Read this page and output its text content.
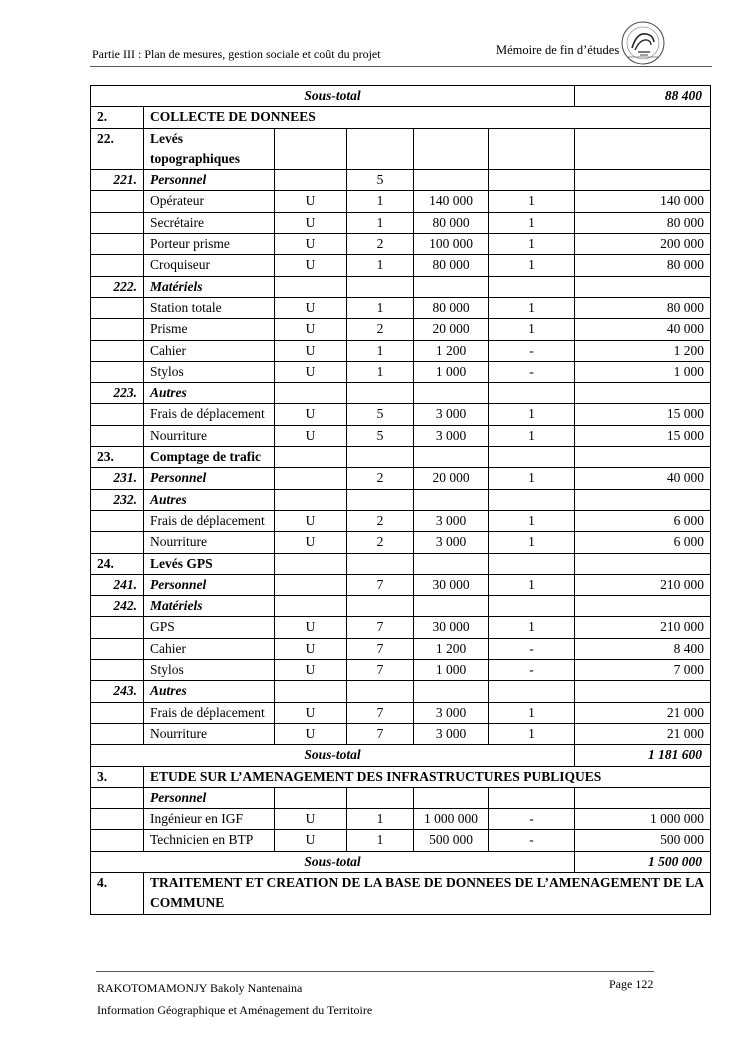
Partie III : Plan de mesures, gestion sociale et coût du projet	Mémoire de fin d’études
Sous-total						88 400
2.	COLLECTE DE DONNEES					
22.	Levés topographiques					
221.	Personnel		5			
	Opérateur	U	1	140 000	1	140 000
	Secrétaire	U	1	80 000	1	80 000
	Porteur prisme	U	2	100 000	1	200 000
	Croquiseur	U	1	80 000	1	80 000
222.	Matériels					
	Station totale	U	1	80 000	1	80 000
	Prisme	U	2	20 000	1	40 000
	Cahier	U	1	1 200	-	1 200
	Stylos	U	1	1 000	-	1 000
223.	Autres					
	Frais de déplacement	U	5	3 000	1	15 000
	Nourriture	U	5	3 000	1	15 000
23.	Comptage de trafic					
231.	Personnel		2	20 000	1	40 000
232.	Autres					
	Frais de déplacement	U	2	3 000	1	6 000
	Nourriture	U	2	3 000	1	6 000
24.	Levés GPS					
241.	Personnel		7	30 000	1	210 000
242.	Matériels					
	GPS	U	7	30 000	1	210 000
	Cahier	U	7	1 200	-	8 400
	Stylos	U	7	1 000	-	7 000
243.	Autres					
	Frais de déplacement	U	7	3 000	1	21 000
	Nourriture	U	7	3 000	1	21 000
Sous-total						1 181 600
3.	ETUDE SUR L’AMENAGEMENT DES INFRASTRUCTURES PUBLIQUES					
	Personnel					
	Ingénieur en IGF	U	1	1 000 000	-	1 000 000
	Technicien en BTP	U	1	500 000	-	500 000
Sous-total						1 500 000
4.	TRAITEMENT ET CREATION DE LA BASE DE DONNEES DE L’AMENAGEMENT DE LA COMMUNE					
RAKOTOMAMONJY Bakoly Nantenaina	Page 122
Information Géographique et Aménagement du Territoire
